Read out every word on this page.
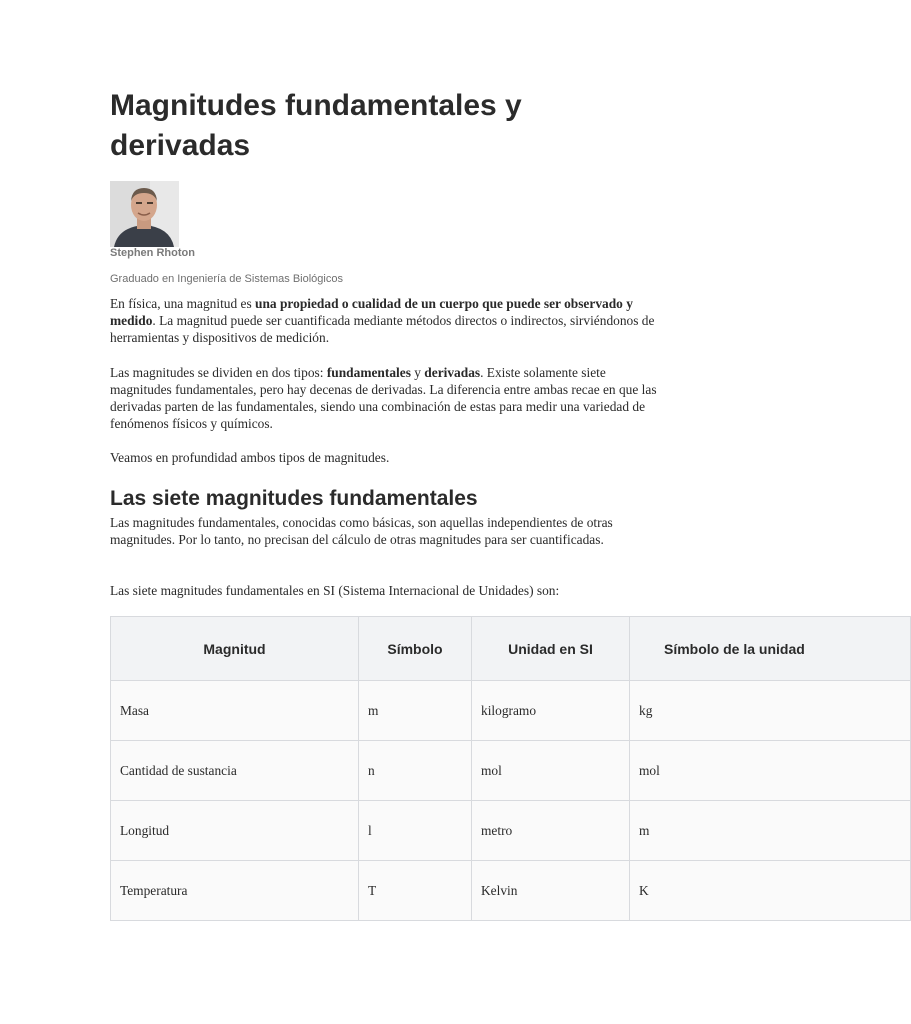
Magnitudes fundamentales y derivadas
Stephen Rhoton
Graduado en Ingeniería de Sistemas Biológicos

En física, una magnitud es una propiedad o cualidad de un cuerpo que puede ser observado y medido. La magnitud puede ser cuantificada mediante métodos directos o indirectos, sirviéndonos de herramientas y dispositivos de medición.

Las magnitudes se dividen en dos tipos: fundamentales y derivadas. Existe solamente siete magnitudes fundamentales, pero hay decenas de derivadas. La diferencia entre ambas recae en que las derivadas parten de las fundamentales, siendo una combinación de estas para medir una variedad de fenómenos físicos y químicos.

Veamos en profundidad ambos tipos de magnitudes.

Las siete magnitudes fundamentales

Las magnitudes fundamentales, conocidas como básicas, son aquellas independientes de otras magnitudes. Por lo tanto, no precisan del cálculo de otras magnitudes para ser cuantificadas.

Las siete magnitudes fundamentales en SI (Sistema Internacional de Unidades) son:

Magnitud	Símbolo	Unidad en SI	Símbolo de la unidad
Masa	m	kilogramo	kg
Cantidad de sustancia	n	mol	mol
Longitud	l	metro	m
Temperatura	T	Kelvin	K
